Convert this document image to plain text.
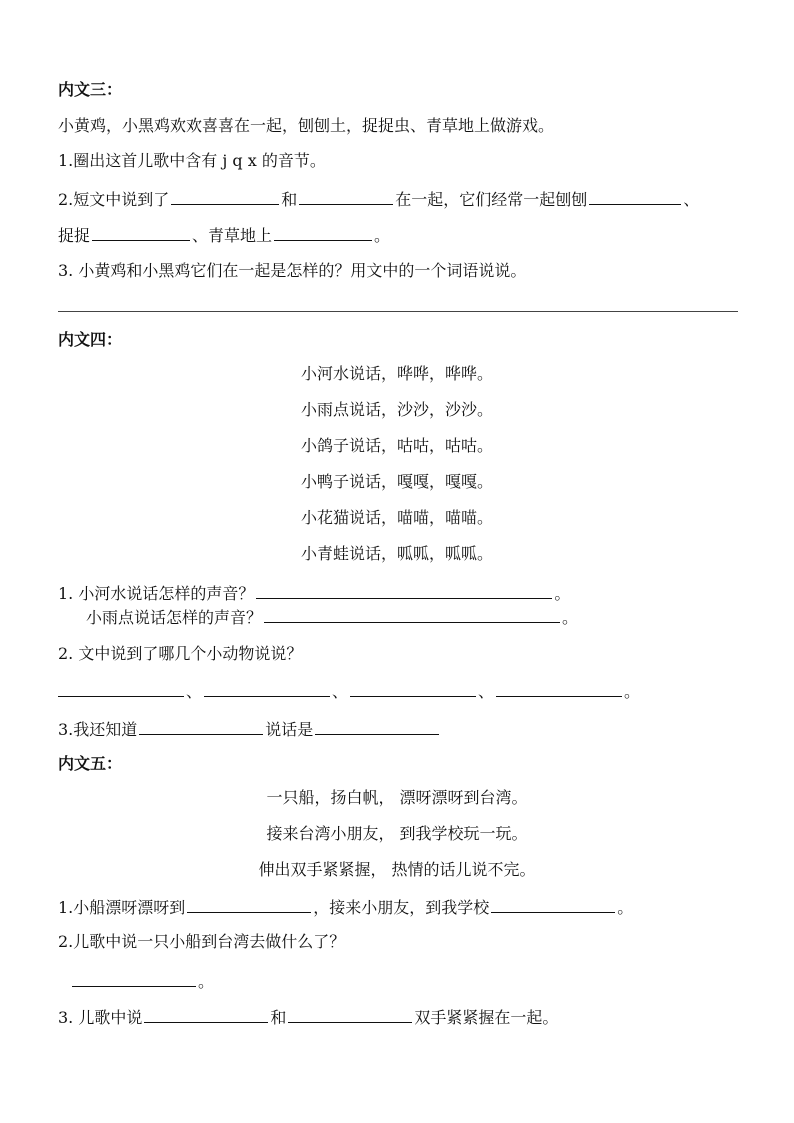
内文三：
小黄鸡，小黑鸡欢欢喜喜在一起，刨刨土，捉捉虫、青草地上做游戏。
1.圈出这首儿歌中含有 j q x 的音节。
2.短文中说到了	和	在一起，它们经常一起刨刨	、
捉捉	、青草地上	。
3. 小黄鸡和小黑鸡它们在一起是怎样的？用文中的一个词语说说。
内文四：
小河水说话，哗哗，哗哗。
小雨点说话，沙沙，沙沙。
小鸽子说话，咕咕，咕咕。
小鸭子说话，嘎嘎，嘎嘎。
小花猫说话，喵喵，喵喵。
小青蛙说话，呱呱，呱呱。
1. 小河水说话怎样的声音？	。
小雨点说话怎样的声音？	。
2. 文中说到了哪几个小动物说说？
、	、	、	。
3.我还知道	说话是
内文五：
一只船，扬白帆， 漂呀漂呀到台湾。
接来台湾小朋友， 到我学校玩一玩。
伸出双手紧紧握， 热情的话儿说不完。
1.小船漂呀漂呀到	，接来小朋友，到我学校	。
2.儿歌中说一只小船到台湾去做什么了？
。
3. 儿歌中说	和	双手紧紧握在一起。
